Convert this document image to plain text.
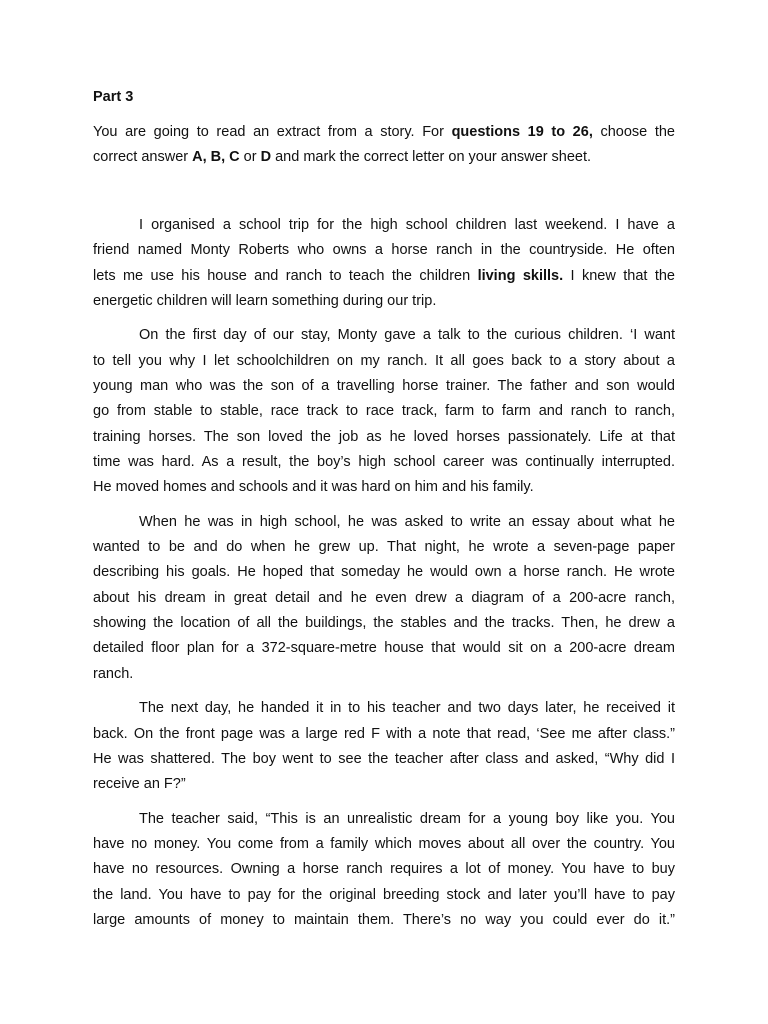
Part 3
You are going to read an extract from a story. For questions 19 to 26, choose the
correct answer A, B, C or D and mark the correct letter on your answer sheet.
I organised a school trip for the high school children last weekend. I have a
friend named Monty Roberts who owns a horse ranch in the countryside. He often
lets me use his house and ranch to teach the children living skills. I knew that the
energetic children will learn something during our trip.
On the first day of our stay, Monty gave a talk to the curious children. ‘I want
to tell you why I let schoolchildren on my ranch. It all goes back to a story about a
young man who was the son of a travelling horse trainer. The father and son would
go from stable to stable, race track to race track, farm to farm and ranch to ranch,
training horses. The son loved the job as he loved horses passionately. Life at that
time was hard. As a result, the boy’s high school career was continually interrupted.
He moved homes and schools and it was hard on him and his family.
When he was in high school, he was asked to write an essay about what he
wanted to be and do when he grew up. That night, he wrote a seven-page paper
describing his goals. He hoped that someday he would own a horse ranch. He wrote
about his dream in great detail and he even drew a diagram of a 200-acre ranch,
showing the location of all the buildings, the stables and the tracks. Then, he drew a
detailed floor plan for a 372-square-metre house that would sit on a 200-acre dream
ranch.
The next day, he handed it in to his teacher and two days later, he received it
back. On the front page was a large red F with a note that read, ‘See me after class.”
He was shattered. The boy went to see the teacher after class and asked, “Why did I
receive an F?”
The teacher said, “This is an unrealistic dream for a young boy like you. You
have no money. You come from a family which moves about all over the country. You
have no resources. Owning a horse ranch requires a lot of money. You have to buy
the land. You have to pay for the original breeding stock and later you’ll have to pay
large amounts of money to maintain them. There’s no way you could ever do it.”
